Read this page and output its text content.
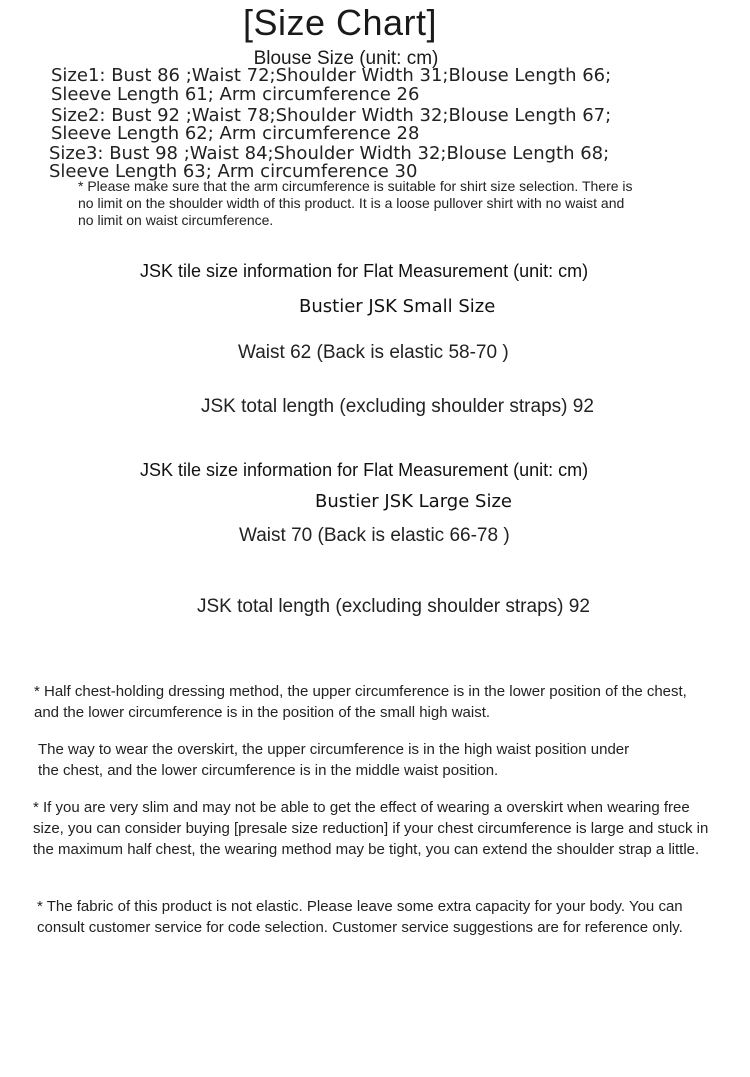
[Size Chart]
Blouse Size (unit: cm)
Size1: Bust 86 ;Waist 72;Shoulder Width 31;Blouse Length 66;
Sleeve Length 61; Arm circumference 26
Size2: Bust 92 ;Waist 78;Shoulder Width 32;Blouse Length 67;
Sleeve Length 62; Arm circumference 28
Size3: Bust 98 ;Waist 84;Shoulder Width 32;Blouse Length 68;
Sleeve Length 63; Arm circumference 30
* Please make sure that the arm circumference is suitable for shirt size selection. There is no limit on the shoulder width of this product. It is a loose pullover shirt with no waist and no limit on waist circumference.
JSK tile size information for Flat Measurement (unit: cm)
Bustier JSK Small Size
Waist 62 (Back is elastic 58-70 )
JSK total length (excluding shoulder straps) 92
JSK tile size information for Flat Measurement (unit: cm)
Bustier JSK Large Size
Waist 70 (Back is elastic 66-78 )
JSK total length (excluding shoulder straps) 92
* Half chest-holding dressing method, the upper circumference is in the lower position of the chest, and the lower circumference is in the position of the small high waist.
The way to wear the overskirt, the upper circumference is in the high waist position under the chest, and the lower circumference is in the middle waist position.
* If you are very slim and may not be able to get the effect of wearing a overskirt when wearing free size, you can consider buying [presale size reduction] if your chest circumference is large and stuck in the maximum half chest, the wearing method may be tight, you can extend the shoulder strap a little.
* The fabric of this product is not elastic. Please leave some extra capacity for your body. You can consult customer service for code selection. Customer service suggestions are for reference only.
